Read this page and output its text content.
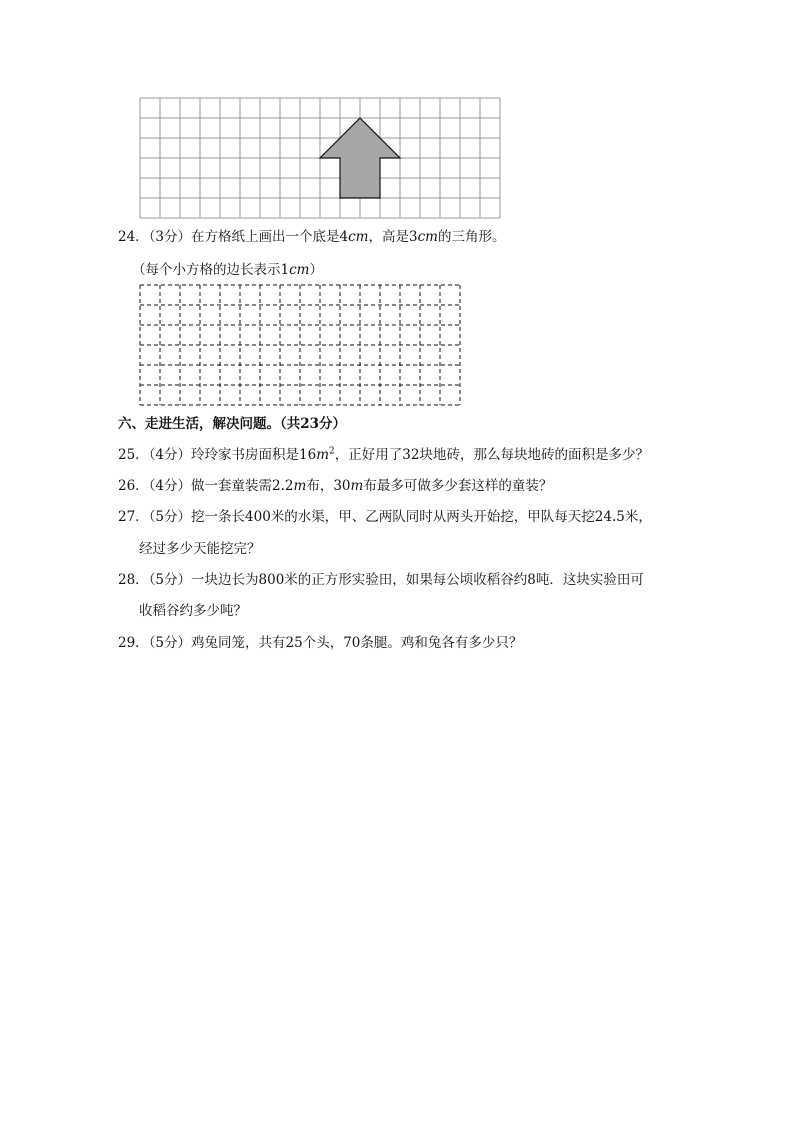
24．（3分）在方格纸上画出一个底是4cm，高是3cm的三角形。
（每个小方格的边长表示1cm）
六、走进生活，解决问题。（共23分）
25．（4分）玲玲家书房面积是$16m^2$，正好用了32块地砖，那么每块地砖的面积是多少？
26．（4分）做一套童装需2.2m布，30m布最多可做多少套这样的童装？
27．（5分）挖一条长400米的水渠，甲、乙两队同时从两头开始挖，甲队每天挖24.5米，
经过多少天能挖完？
28．（5分）一块边长为800米的正方形实验田，如果每公顷收稻谷约8吨．这块实验田可
收稻谷约多少吨？
29．（5分）鸡兔同笼，共有25个头，70条腿。鸡和兔各有多少只？
